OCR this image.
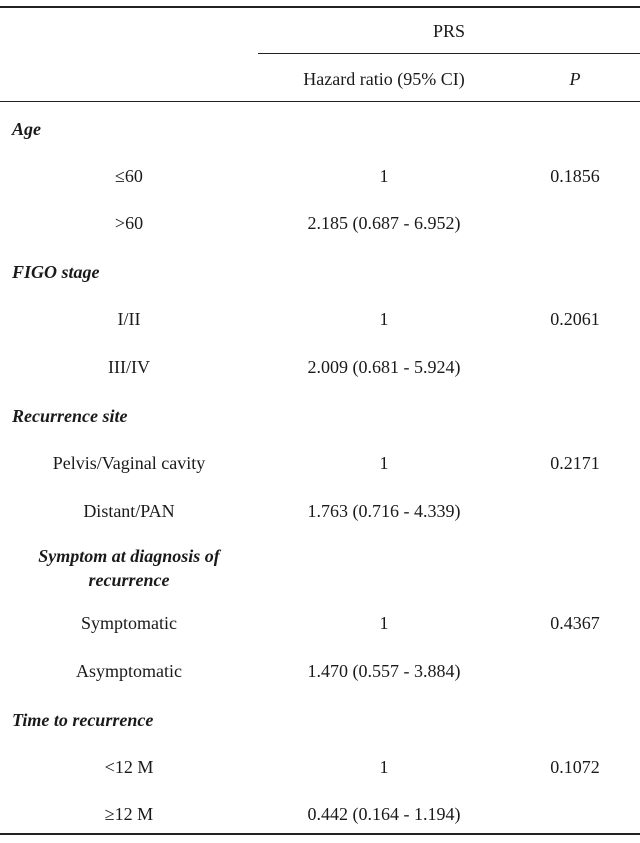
PRS
Hazard ratio (95% CI)	P
Age
≤60	1	0.1856
>60	2.185 (0.687 - 6.952)
FIGO stage
I/II	1	0.2061
III/IV	2.009 (0.681 - 5.924)
Recurrence site
Pelvis/Vaginal cavity	1	0.2171
Distant/PAN	1.763 (0.716 - 4.339)
Symptom at diagnosis of recurrence
Symptomatic	1	0.4367
Asymptomatic	1.470 (0.557 - 3.884)
Time to recurrence
<12 M	1	0.1072
≥12 M	0.442 (0.164 - 1.194)
